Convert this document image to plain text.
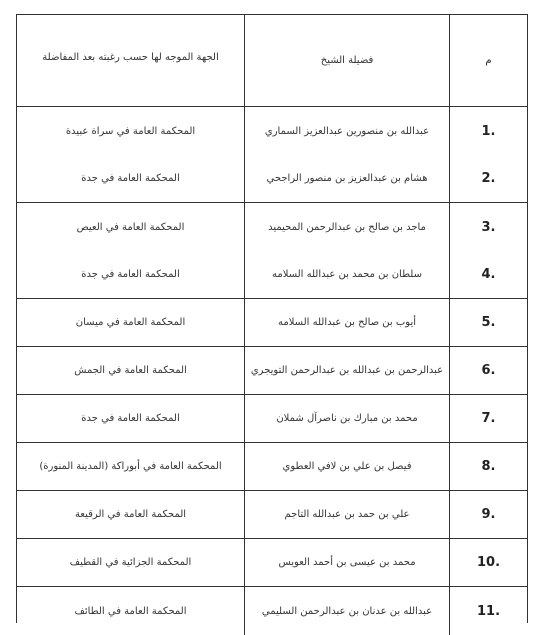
م
فضيلة الشيخ
الجهة الموجه لها حسب رغبته بعد المفاضلة
1.
عبدالله بن منصورين عبدالعزيز السماري
المحكمة العامة في سراة عبيدة
2.
هشام بن عبدالعزيز بن منصور الراجحي
المحكمة العامة في جدة
3.
ماجد بن صالح بن عبدالرحمن المحيميد
المحكمة العامة في العيص
4.
سلطان بن محمد بن عبدالله السلامه
المحكمة العامة في جدة
5.
أيوب بن صالح بن عبدالله السلامه
المحكمة العامة في ميسان
6.
عبدالرحمن بن عبدالله بن عبدالرحمن التويجري
المحكمة العامة في الجمش
7.
محمد بن مبارك بن ناصرآل شملان
المحكمة العامة في جدة
8.
فيصل بن علي بن لافي العطوي
المحكمة العامة في أبوراكة (المدينة المنورة)
9.
علي بن حمد بن عبدالله التاجم
المحكمة العامة في الرقيعة
10.
محمد بن عيسى بن أحمد العويس
المحكمة الجزائية في القطيف
11.
عبدالله بن عدنان بن عبدالرحمن السليمي
المحكمة العامة في الطائف
